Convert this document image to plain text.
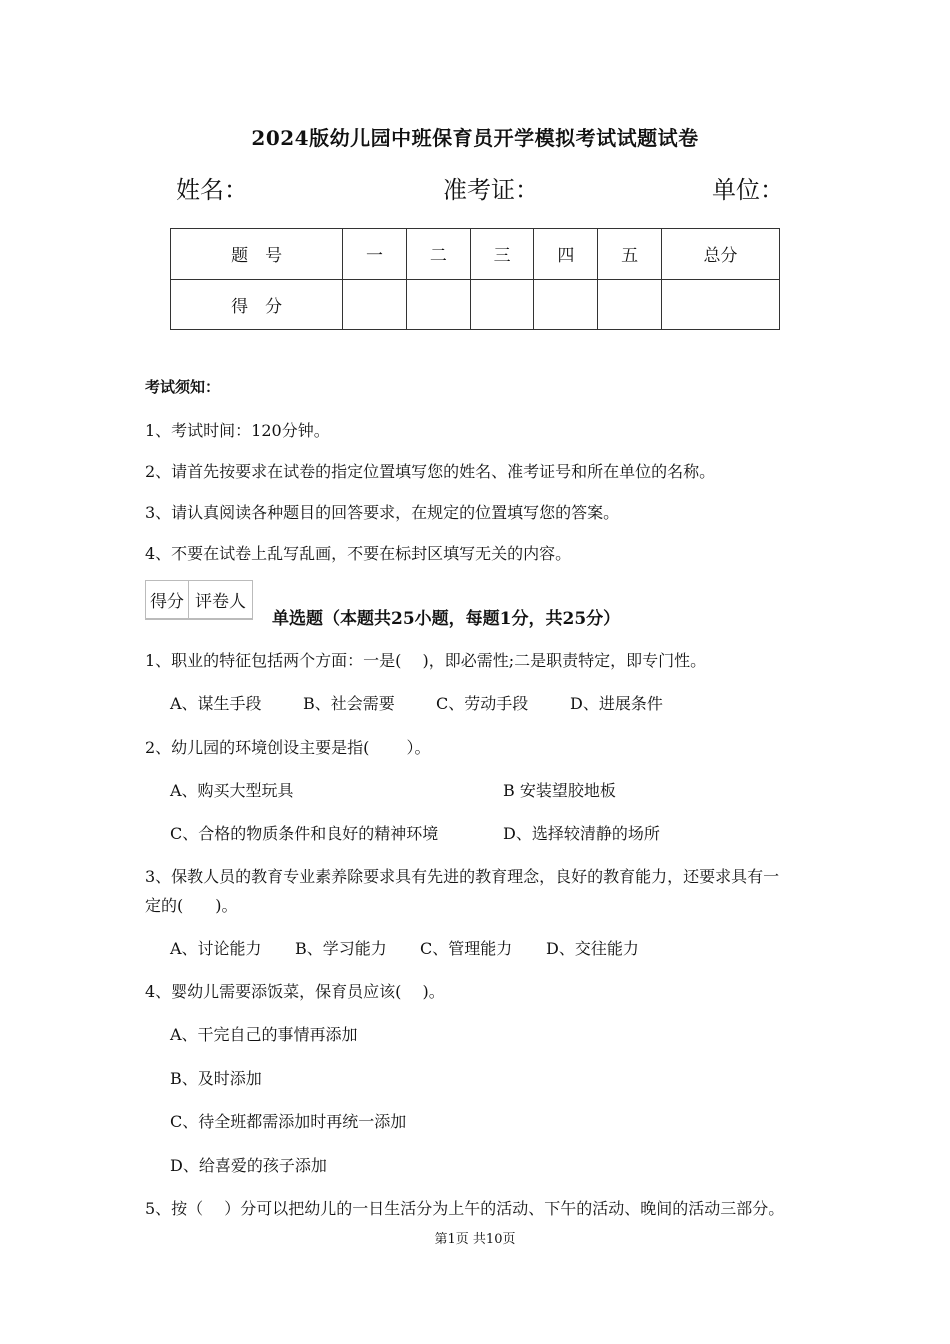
2024版幼儿园中班保育员开学模拟考试试题试卷
姓名：	准考证：	单位：
题　号	一	二	三	四	五	总分
得　分						
考试须知：
1、考试时间：120分钟。
2、请首先按要求在试卷的指定位置填写您的姓名、准考证号和所在单位的名称。
3、请认真阅读各种题目的回答要求，在规定的位置填写您的答案。
4、不要在试卷上乱写乱画，不要在标封区填写无关的内容。
得分	评卷人

单选题（本题共25小题，每题1分，共25分）
1、职业的特征包括两个方面：一是(　 )，即必需性;二是职责特定，即专门性。
A、谋生手段	B、社会需要	C、劳动手段	D、进展条件
2、幼儿园的环境创设主要是指(　　 ）。
A、购买大型玩具	B 安装望胶地板
C、合格的物质条件和良好的精神环境	D、选择较清静的场所
3、保教人员的教育专业素养除要求具有先进的教育理念，良好的教育能力，还要求具有一
定的(　　)。
A、讨论能力 B、学习能力 C、管理能力 D、交往能力
4、婴幼儿需要添饭菜，保育员应该(　 )。
A、干完自己的事情再添加
B、及时添加
C、待全班都需添加时再统一添加
D、给喜爱的孩子添加
5、按（　 ）分可以把幼儿的一日生活分为上午的活动、下午的活动、晚间的活动三部分。
第1页 共10页
